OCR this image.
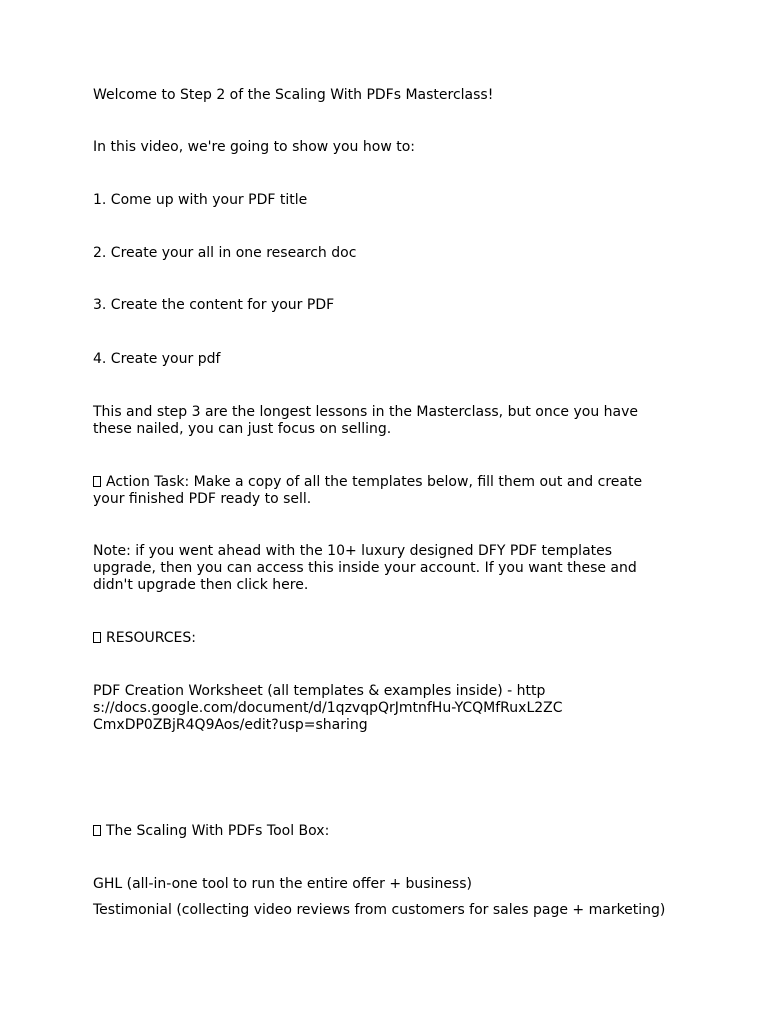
Welcome to Step 2 of the Scaling With PDFs Masterclass!

In this video, we're going to show you how to:

1. Come up with your PDF title

2. Create your all in one research doc

3. Create the content for your PDF

4. Create your pdf

This and step 3 are the longest lessons in the Masterclass, but once you have these nailed, you can just focus on selling.

Action Task: Make a copy of all the templates below, fill them out and create your finished PDF ready to sell.

Note: if you went ahead with the 10+ luxury designed DFY PDF templates upgrade, then you can access this inside your account. If you want these and didn't upgrade then click here.

RESOURCES:

PDF Creation Worksheet (all templates & examples inside) - https://docs.google.com/document/d/1qzvqpQrJmtnfHu-YCQMfRuxL2ZCCmxDP0ZBjR4Q9Aos/edit?usp=sharing

The Scaling With PDFs Tool Box:

GHL (all-in-one tool to run the entire offer + business)

Testimonial (collecting video reviews from customers for sales page + marketing)
